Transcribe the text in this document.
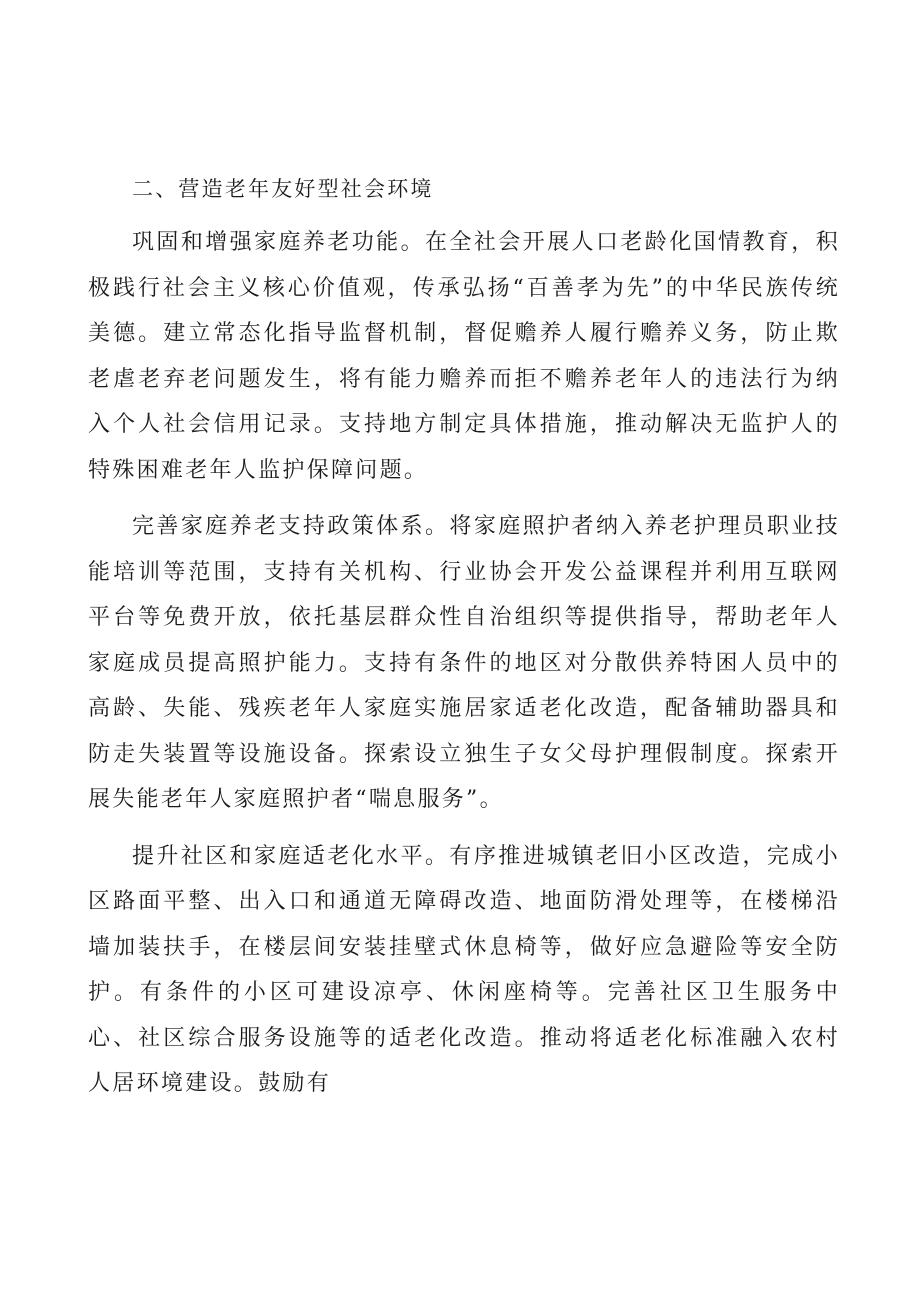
二、营造老年友好型社会环境

巩固和增强家庭养老功能。在全社会开展人口老龄化国情教育，积极践行社会主义核心价值观，传承弘扬“百善孝为先”的中华民族传统美德。建立常态化指导监督机制，督促赡养人履行赡养义务，防止欺老虐老弃老问题发生，将有能力赡养而拒不赡养老年人的违法行为纳入个人社会信用记录。支持地方制定具体措施，推动解决无监护人的特殊困难老年人监护保障问题。

完善家庭养老支持政策体系。将家庭照护者纳入养老护理员职业技能培训等范围，支持有关机构、行业协会开发公益课程并利用互联网平台等免费开放，依托基层群众性自治组织等提供指导，帮助老年人家庭成员提高照护能力。支持有条件的地区对分散供养特困人员中的高龄、失能、残疾老年人家庭实施居家适老化改造，配备辅助器具和防走失装置等设施设备。探索设立独生子女父母护理假制度。探索开展失能老年人家庭照护者“喘息服务”。

提升社区和家庭适老化水平。有序推进城镇老旧小区改造，完成小区路面平整、出入口和通道无障碍改造、地面防滑处理等，在楼梯沿墙加装扶手，在楼层间安装挂壁式休息椅等，做好应急避险等安全防护。有条件的小区可建设凉亭、休闲座椅等。完善社区卫生服务中心、社区综合服务设施等的适老化改造。推动将适老化标准融入农村人居环境建设。鼓励有
